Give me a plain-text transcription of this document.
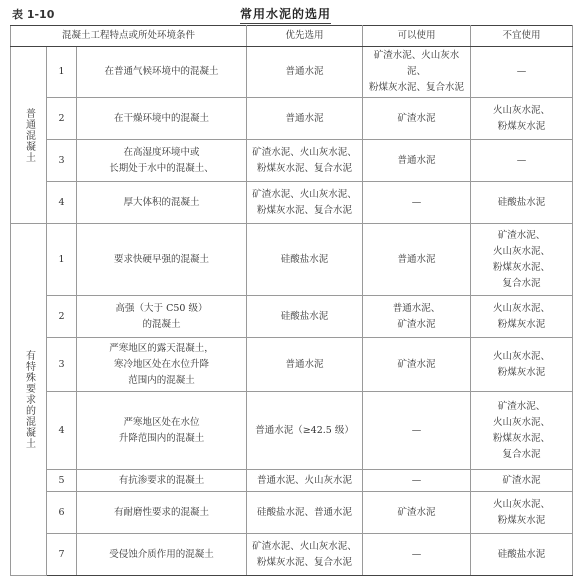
表 1-10	常用水泥的选用
混凝土工程特点或所处环境条件			优先选用	可以使用	不宜使用

普通混凝土	1	在普通气候环境中的混凝土	普通水泥	矿渣水泥、火山灰水泥、
粉煤灰水泥、复合水泥	—

	2	在干燥环境中的混凝土	普通水泥	矿渣水泥	火山灰水泥、
粉煤灰水泥

	3	在高湿度环境中或
长期处于水中的混凝土、	矿渣水泥、火山灰水泥、
粉煤灰水泥、复合水泥	普通水泥	—

	4	厚大体积的混凝土	矿渣水泥、火山灰水泥、
粉煤灰水泥、复合水泥	—	硅酸盐水泥

有特殊要求的混凝土	1	要求快硬早强的混凝土	硅酸盐水泥	普通水泥	矿渣水泥、
火山灰水泥、
粉煤灰水泥、
复合水泥

	2	高强（大于 C50 级）
的混凝土	硅酸盐水泥	普通水泥、
矿渣水泥	火山灰水泥、
粉煤灰水泥

	3	严寒地区的露天混凝土，
寒冷地区处在水位升降
范围内的混凝土	普通水泥	矿渣水泥	火山灰水泥、
粉煤灰水泥

	4	严寒地区处在水位
升降范围内的混凝土	普通水泥（≥42.5 级）	—	矿渣水泥、
火山灰水泥、
粉煤灰水泥、
复合水泥

	5	有抗渗要求的混凝土	普通水泥、火山灰水泥	—	矿渣水泥

	6	有耐磨性要求的混凝土	硅酸盐水泥、普通水泥	矿渣水泥	火山灰水泥、
粉煤灰水泥

	7	受侵蚀介质作用的混凝土	矿渣水泥、火山灰水泥、
粉煤灰水泥、复合水泥	—	硅酸盐水泥
